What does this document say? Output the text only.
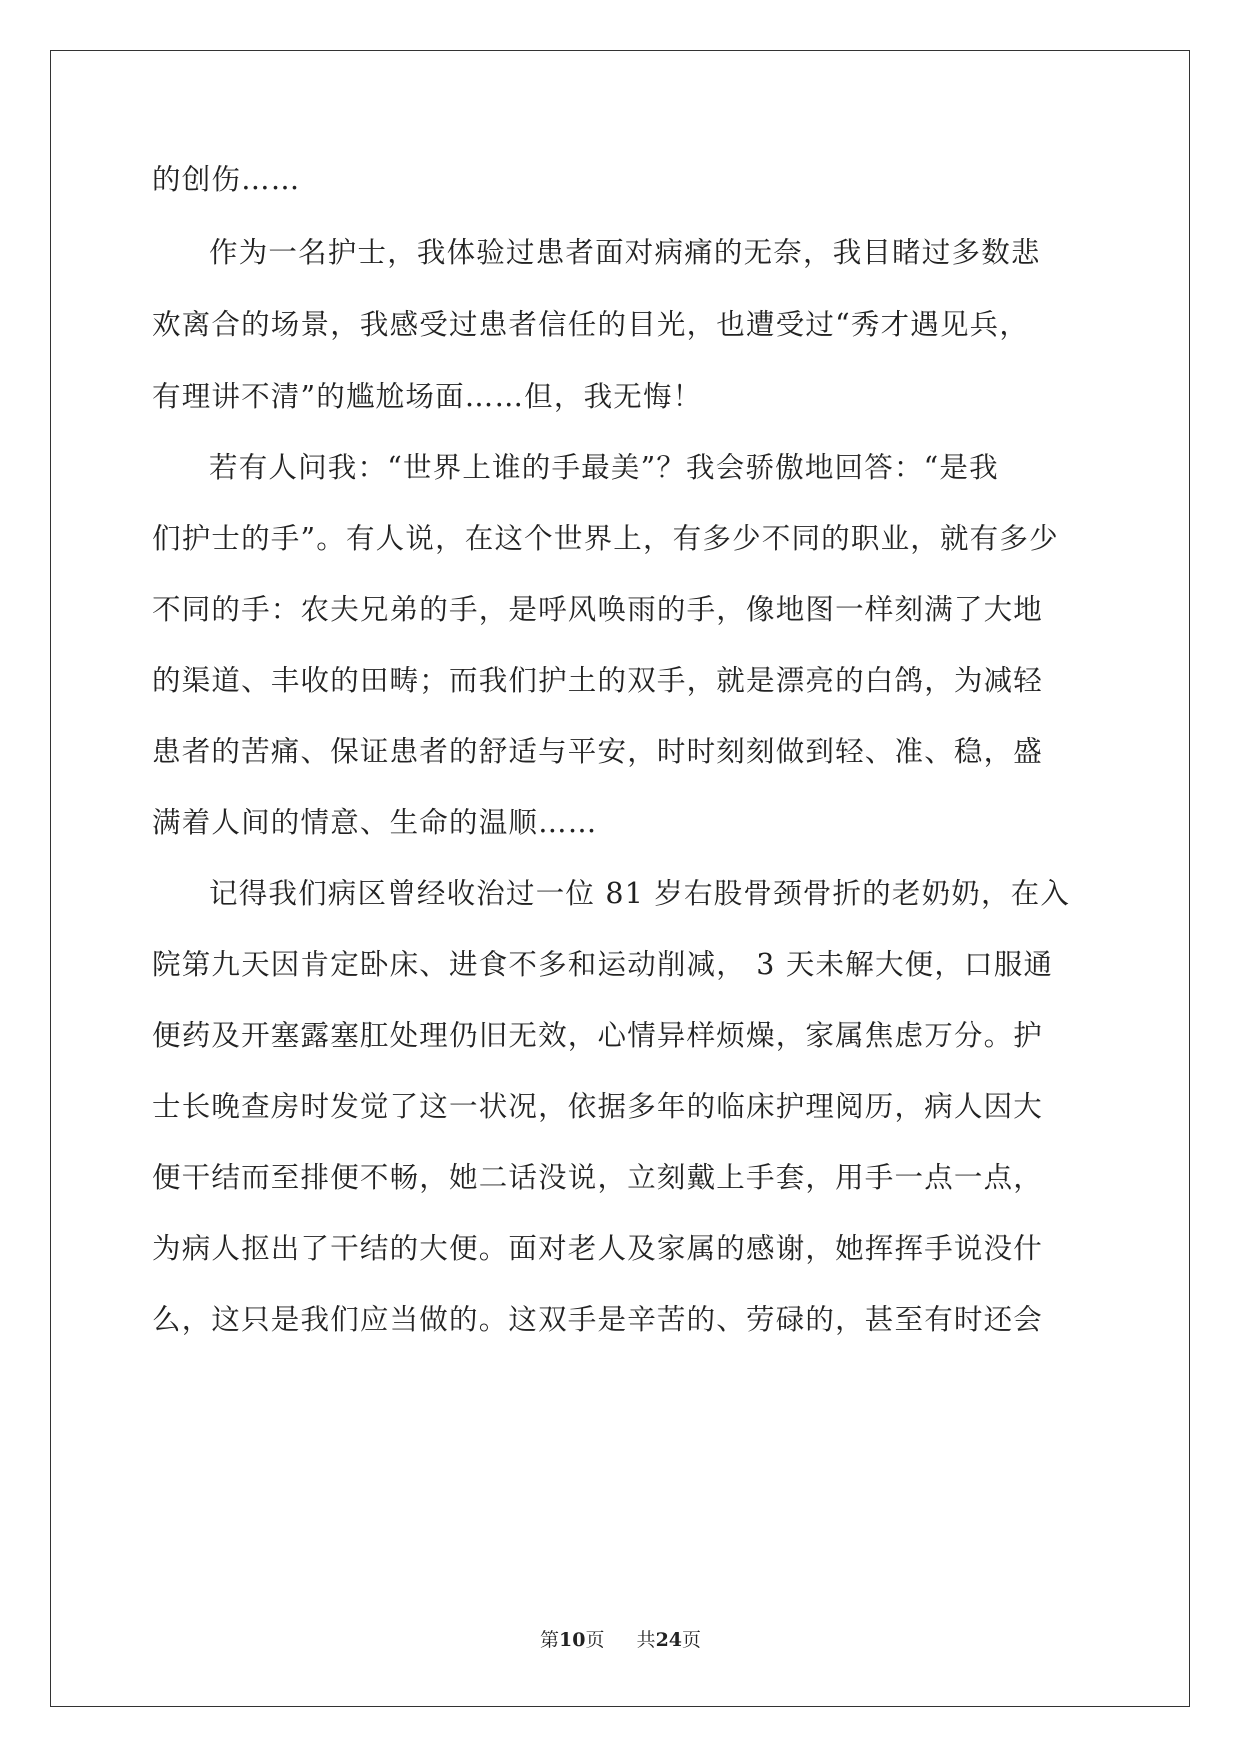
的创伤……
作为一名护士，我体验过患者面对病痛的无奈，我目睹过多数悲
欢离合的场景，我感受过患者信任的目光，也遭受过“秀才遇见兵，
有理讲不清”的尴尬场面……但，我无悔！
若有人问我：“世界上谁的手最美”？我会骄傲地回答：“是我
们护士的手”。有人说，在这个世界上，有多少不同的职业，就有多少
不同的手：农夫兄弟的手，是呼风唤雨的手，像地图一样刻满了大地
的渠道、丰收的田畴；而我们护土的双手，就是漂亮的白鸽，为减轻
患者的苦痛、保证患者的舒适与平安，时时刻刻做到轻、准、稳，盛
满着人间的情意、生命的温顺……
记得我们病区曾经收治过一位 81 岁右股骨颈骨折的老奶奶，在入
院第九天因肯定卧床、进食不多和运动削减， 3 天未解大便，口服通
便药及开塞露塞肛处理仍旧无效，心情异样烦燥，家属焦虑万分。护
士长晚查房时发觉了这一状况，依据多年的临床护理阅历，病人因大
便干结而至排便不畅，她二话没说，立刻戴上手套，用手一点一点，
为病人抠出了干结的大便。面对老人及家属的感谢，她挥挥手说没什
么，这只是我们应当做的。这双手是辛苦的、劳碌的，甚至有时还会
第10页 共24页
